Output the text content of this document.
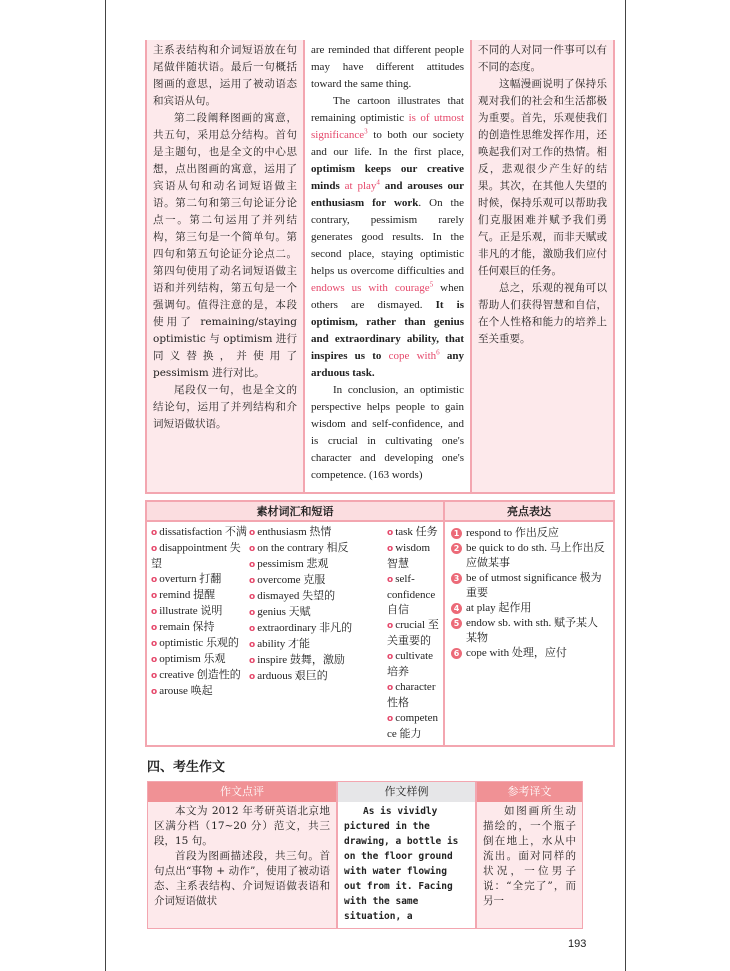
主系表结构和介词短语放在句尾做伴随状语。最后一句概括图画的意思，运用了被动语态和宾语从句。

第二段阐释图画的寓意，共五句，采用总分结构。首句是主题句，也是全文的中心思想，点出图画的寓意，运用了宾语从句和动名词短语做主语。第二句和第三句论证分论点一。第二句运用了并列结构，第三句是一个简单句。第四句和第五句论证分论点二。第四句使用了动名词短语做主语和并列结构，第五句是一个强调句。值得注意的是，本段使用了 remaining/staying optimistic 与 optimism 进行同义替换，并使用了 pessimism 进行对比。

尾段仅一句，也是全文的结论句，运用了并列结构和介词短语做状语。

are reminded that different people may have different attitudes toward the same thing.

The cartoon illustrates that remaining optimistic is of utmost significance$^3$ to both our society and our life. In the first place, optimism keeps our creative minds at play$^4$ and arouses our enthusiasm for work. On the contrary, pessimism rarely generates good results. In the second place, staying optimistic helps us overcome difficulties and endows us with courage$^5$ when others are dismayed. It is optimism, rather than genius and extraordinary ability, that inspires us to cope with$^6$ any arduous task.

In conclusion, an optimistic perspective helps people to gain wisdom and self-confidence, and is crucial in cultivating one's character and developing one's competence. (163 words)

不同的人对同一件事可以有不同的态度。

这幅漫画说明了保持乐观对我们的社会和生活都极为重要。首先，乐观使我们的创造性思维发挥作用，还唤起我们对工作的热情。相反，悲观很少产生好的结果。其次，在其他人失望的时候，保持乐观可以帮助我们克服困难并赋予我们勇气。正是乐观，而非天赋或非凡的才能，激励我们应付任何艰巨的任务。

总之，乐观的视角可以帮助人们获得智慧和自信，在个人性格和能力的培养上至关重要。

素材词汇和短语
o dissatisfaction 不满
o disappointment 失望
o overturn 打翻
o remind 提醒
o illustrate 说明
o remain 保持
o optimistic 乐观的
o optimism 乐观
o creative 创造性的
o arouse 唤起
o enthusiasm 热情
o on the contrary 相反
o pessimism 悲观
o overcome 克服
o dismayed 失望的
o genius 天赋
o extraordinary 非凡的
o ability 才能
o inspire 鼓舞，激励
o arduous 艰巨的
o task 任务
o wisdom 智慧
o self-confidence 自信
o crucial 至关重要的
o cultivate 培养
o character 性格
o competence 能力
亮点表达
1 respond to 作出反应
2 be quick to do sth. 马上作出反应做某事
3 be of utmost significance 极为重要
4 at play 起作用
5 endow sb. with sth. 赋予某人某物
6 cope with 处理，应付
四、考生作文
作文点评

本文为 2012 年考研英语北京地区满分档（17~20 分）范文，共三段，15 句。

首段为图画描述段，共三句。首句点出“事物 + 动作”，使用了被动语态、主系表结构、介词短语做表语和介词短语做状

作文样例

As is vividly pictured in the drawing, a bottle is on the floor ground with water flowing out from it. Facing with the same situation, a

参考译文

如图画所生动描绘的，一个瓶子倒在地上，水从中流出。面对同样的状况，一位男子说：“全完了”，而另一

193
